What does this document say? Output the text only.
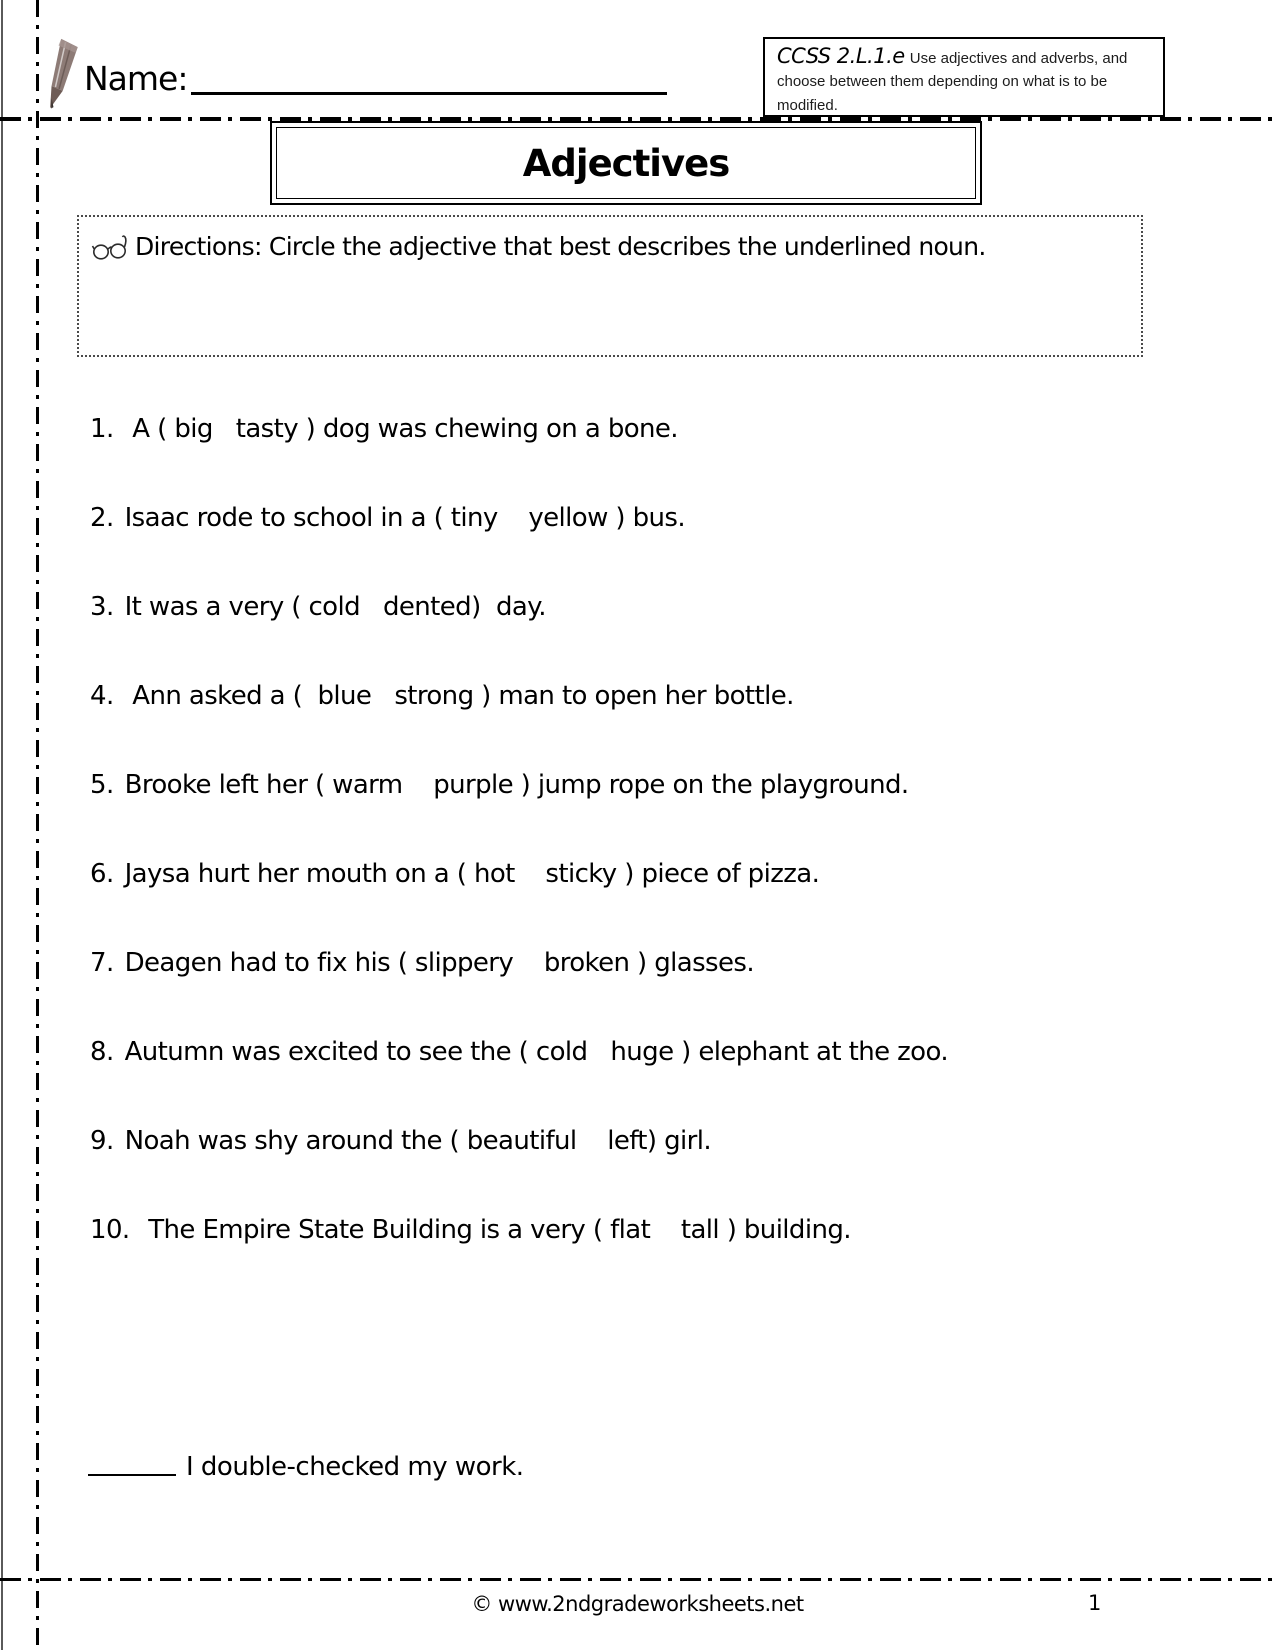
Name:
CCSS 2.L.1.e Use adjectives and adverbs, and choose between them depending on what is to be modified.
Adjectives
Directions: Circle the adjective that best describes the underlined noun.
1. A ( big   tasty ) dog was chewing on a bone.
2. Isaac rode to school in a ( tiny    yellow ) bus.
3. It was a very ( cold   dented)  day.
4. Ann asked a (  blue   strong ) man to open her bottle.
5. Brooke left her ( warm    purple ) jump rope on the playground.
6. Jaysa hurt her mouth on a ( hot    sticky ) piece of pizza.
7. Deagen had to fix his ( slippery    broken ) glasses.
8. Autumn was excited to see the ( cold   huge ) elephant at the zoo.
9. Noah was shy around the ( beautiful    left) girl.
10. The Empire State Building is a very ( flat    tall ) building.
I double-checked my work.
© www.2ndgradeworksheets.net	1
